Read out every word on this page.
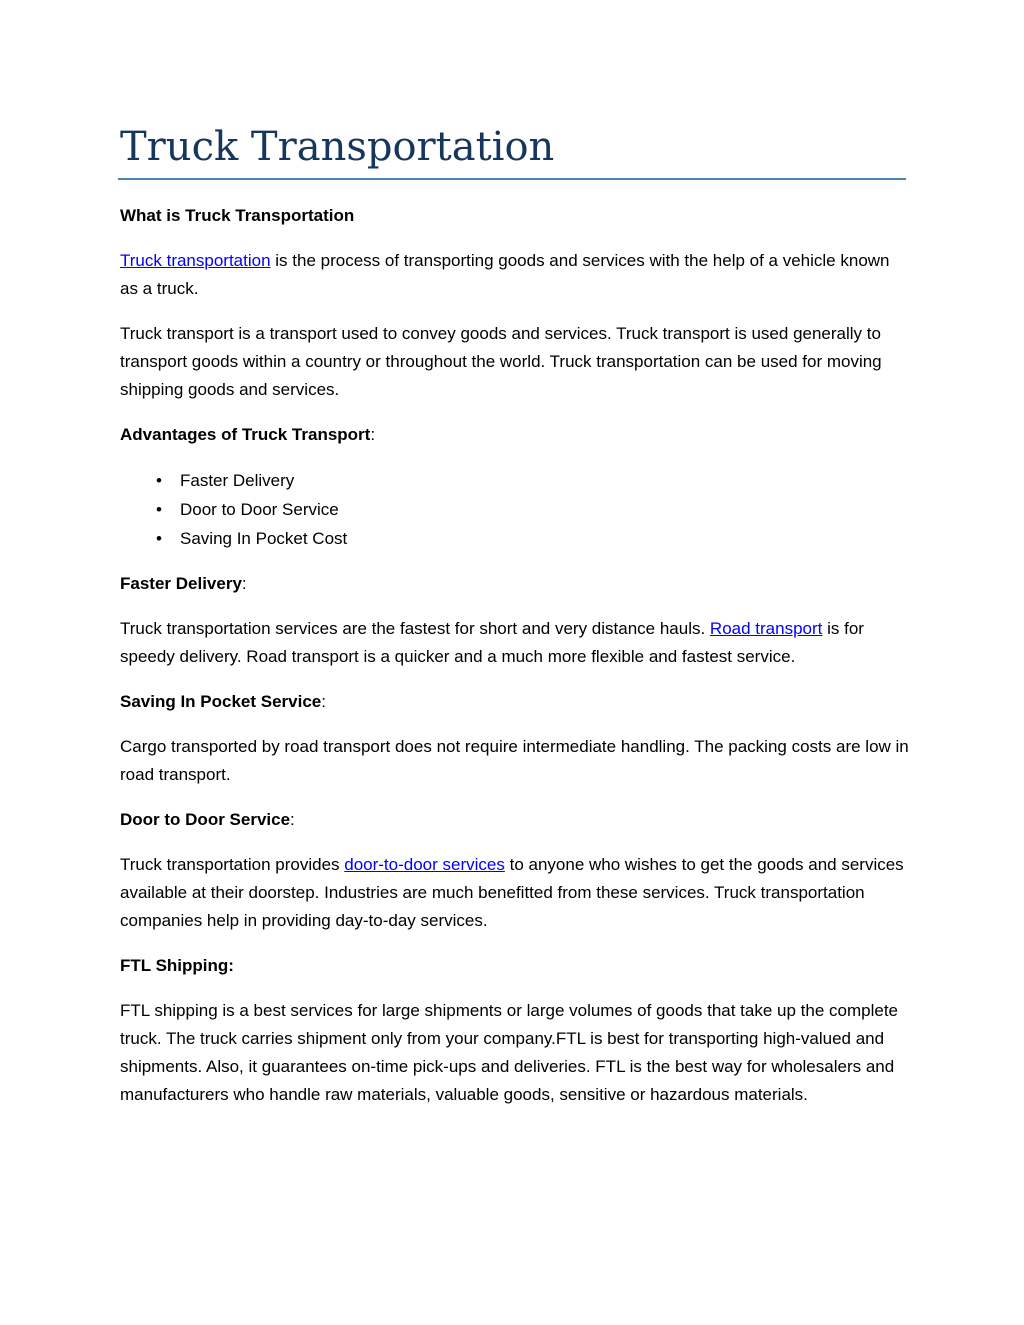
Truck Transportation
What is Truck Transportation

Truck transportation is the process of transporting goods and services with the help of a vehicle known as a truck.

Truck transport is a transport used to convey goods and services. Truck transport is used generally to transport goods within a country or throughout the world. Truck transportation can be used for moving shipping goods and services.

Advantages of Truck Transport:
• Faster Delivery
• Door to Door Service
• Saving In Pocket Cost
Faster Delivery:

Truck transportation services are the fastest for short and very distance hauls. Road transport is for speedy delivery. Road transport is a quicker and a much more flexible and fastest service.

Saving In Pocket Service:

Cargo transported by road transport does not require intermediate handling. The packing costs are low in road transport.

Door to Door Service:

Truck transportation provides door-to-door services to anyone who wishes to get the goods and services available at their doorstep. Industries are much benefitted from these services. Truck transportation companies help in providing day-to-day services.

FTL Shipping:

FTL shipping is a best services for large shipments or large volumes of goods that take up the complete truck. The truck carries shipment only from your company.FTL is best for transporting high-valued and shipments. Also, it guarantees on-time pick-ups and deliveries. FTL is the best way for wholesalers and manufacturers who handle raw materials, valuable goods, sensitive or hazardous materials.
